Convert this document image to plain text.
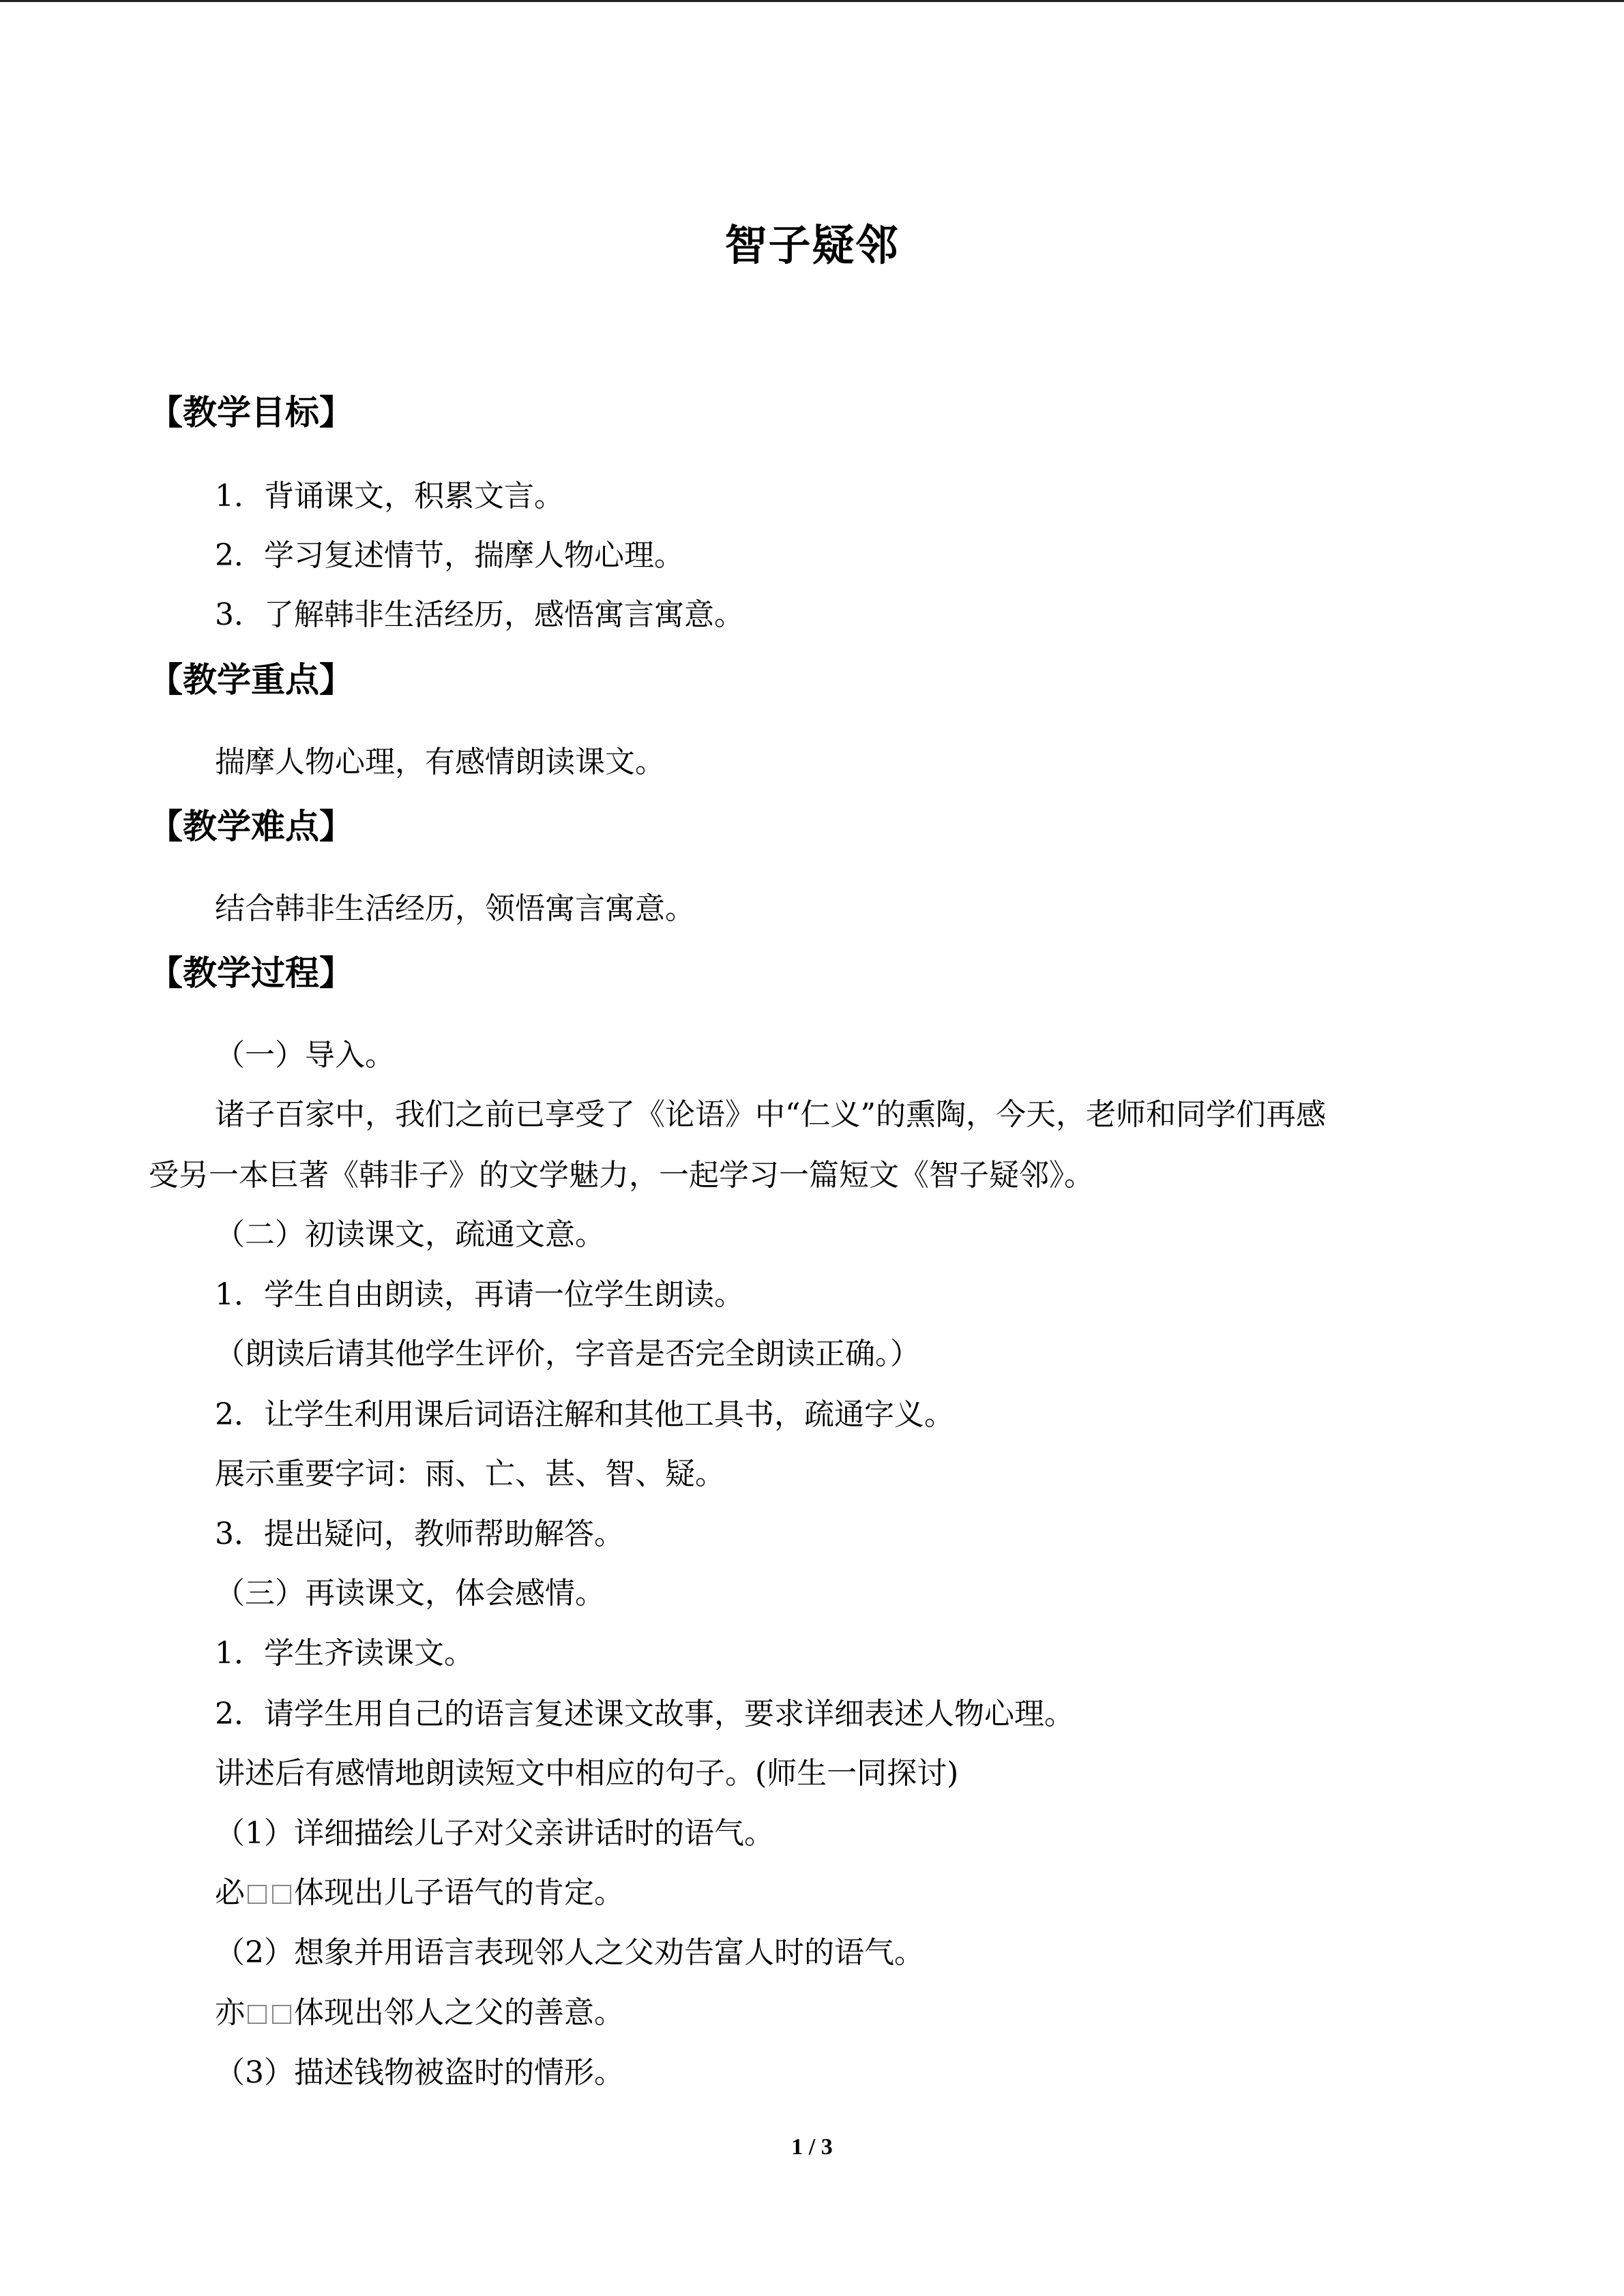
智子疑邻
【教学目标】
1．背诵课文，积累文言。
2．学习复述情节，揣摩人物心理。
3．了解韩非生活经历，感悟寓言寓意。
【教学重点】
揣摩人物心理，有感情朗读课文。
【教学难点】
结合韩非生活经历，领悟寓言寓意。
【教学过程】
（一）导入。
诸子百家中，我们之前已享受了《论语》中“仁义”的熏陶，今天，老师和同学们再感
受另一本巨著《韩非子》的文学魅力，一起学习一篇短文《智子疑邻》。
（二）初读课文，疏通文意。
1．学生自由朗读，再请一位学生朗读。
（朗读后请其他学生评价，字音是否完全朗读正确。）
2．让学生利用课后词语注解和其他工具书，疏通字义。
展示重要字词：雨、亡、甚、智、疑。
3．提出疑问，教师帮助解答。
（三）再读课文，体会感情。
1．学生齐读课文。
2．请学生用自己的语言复述课文故事，要求详细表述人物心理。
讲述后有感情地朗读短文中相应的句子。(师生一同探讨)
（1）详细描绘儿子对父亲讲话时的语气。
必 体现出儿子语气的肯定。
（2）想象并用语言表现邻人之父劝告富人时的语气。
亦 体现出邻人之父的善意。
（3）描述钱物被盗时的情形。
1 / 3
